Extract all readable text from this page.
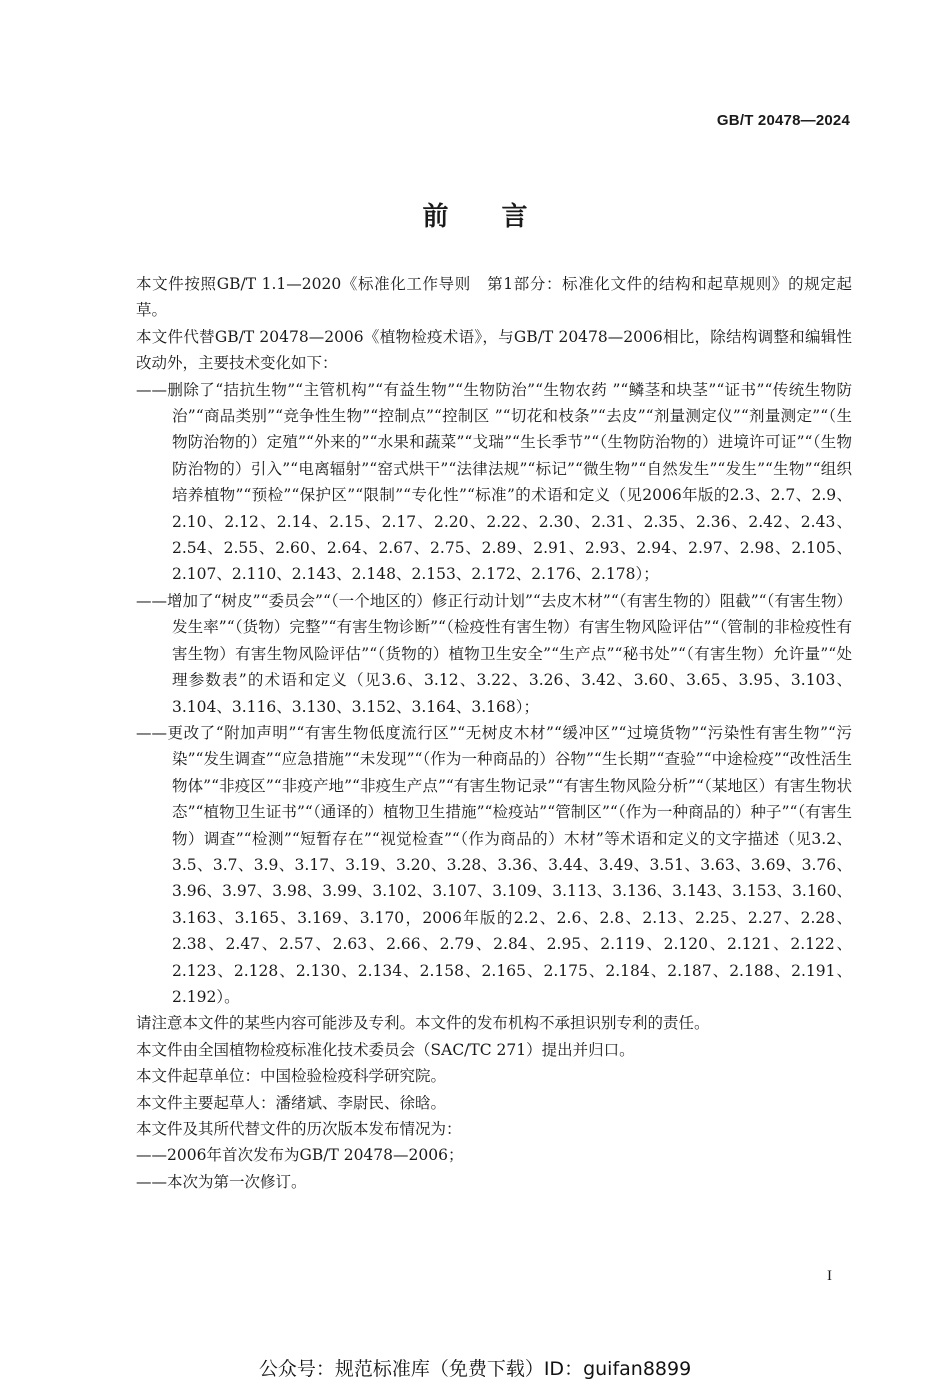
GB/T 20478—2024
前 言

本文件按照GB/T 1.1—2020《标准化工作导则　第1部分：标准化文件的结构和起草规则》的规定起草。

本文件代替GB/T 20478—2006《植物检疫术语》，与GB/T 20478—2006相比，除结构调整和编辑性改动外，主要技术变化如下：

——删除了“拮抗生物”“主管机构”“有益生物”“生物防治”“生物农药 ”“鳞茎和块茎”“证书”“传统生物防治”“商品类别”“竞争性生物”“控制点”“控制区 ”“切花和枝条”“去皮”“剂量测定仪”“剂量测定”“（生物防治物的）定殖”“外来的”“水果和蔬菜”“戈瑞”“生长季节”“（生物防治物的）进境许可证”“（生物防治物的）引入”“电离辐射”“窑式烘干”“法律法规”“标记”“微生物”“自然发生”“发生”“生物”“组织培养植物”“预检”“保护区”“限制”“专化性”“标准”的术语和定义（见2006年版的2.3、2.7、2.9、2.10、2.12、2.14、2.15、2.17、2.20、2.22、2.30、2.31、2.35、2.36、2.42、2.43、2.54、2.55、2.60、2.64、2.67、2.75、2.89、2.91、2.93、2.94、2.97、2.98、2.105、2.107、2.110、2.143、2.148、2.153、2.172、2.176、2.178）；

——增加了“树皮”“委员会”“（一个地区的）修正行动计划”“去皮木材”“（有害生物的）阻截”“（有害生物）发生率”“（货物）完整”“有害生物诊断”“（检疫性有害生物）有害生物风险评估”“（管制的非检疫性有害生物）有害生物风险评估”“（货物的）植物卫生安全”“生产点”“秘书处”“（有害生物）允许量”“处理参数表”的术语和定义（见3.6、3.12、3.22、3.26、3.42、3.60、3.65、3.95、3.103、3.104、3.116、3.130、3.152、3.164、3.168）；

——更改了“附加声明”“有害生物低度流行区”“无树皮木材”“缓冲区”“过境货物”“污染性有害生物”“污染”“发生调查”“应急措施”“未发现”“（作为一种商品的）谷物”“生长期”“查验”“中途检疫”“改性活生物体”“非疫区”“非疫产地”“非疫生产点”“有害生物记录”“有害生物风险分析”“（某地区）有害生物状态”“植物卫生证书”“（通译的）植物卫生措施”“检疫站”“管制区”“（作为一种商品的）种子”“（有害生物）调查”“检测”“短暂存在”“视觉检查”“（作为商品的）木材”等术语和定义的文字描述（见3.2、3.5、3.7、3.9、3.17、3.19、3.20、3.28、3.36、3.44、3.49、3.51、3.63、3.69、3.76、3.96、3.97、3.98、3.99、3.102、3.107、3.109、3.113、3.136、3.143、3.153、3.160、3.163、3.165、3.169、3.170，2006年版的2.2、2.6、2.8、2.13、2.25、2.27、2.28、2.38、2.47、2.57、2.63、2.66、2.79、2.84、2.95、2.119、2.120、2.121、2.122、2.123、2.128、2.130、2.134、2.158、2.165、2.175、2.184、2.187、2.188、2.191、2.192）。

请注意本文件的某些内容可能涉及专利。本文件的发布机构不承担识别专利的责任。

本文件由全国植物检疫标准化技术委员会（SAC/TC 271）提出并归口。

本文件起草单位：中国检验检疫科学研究院。

本文件主要起草人：潘绪斌、李尉民、徐晗。

本文件及其所代替文件的历次版本发布情况为：

——2006年首次发布为GB/T 20478—2006；

——本次为第一次修订。

I
公众号：规范标准库（免费下载）ID：guifan8899
